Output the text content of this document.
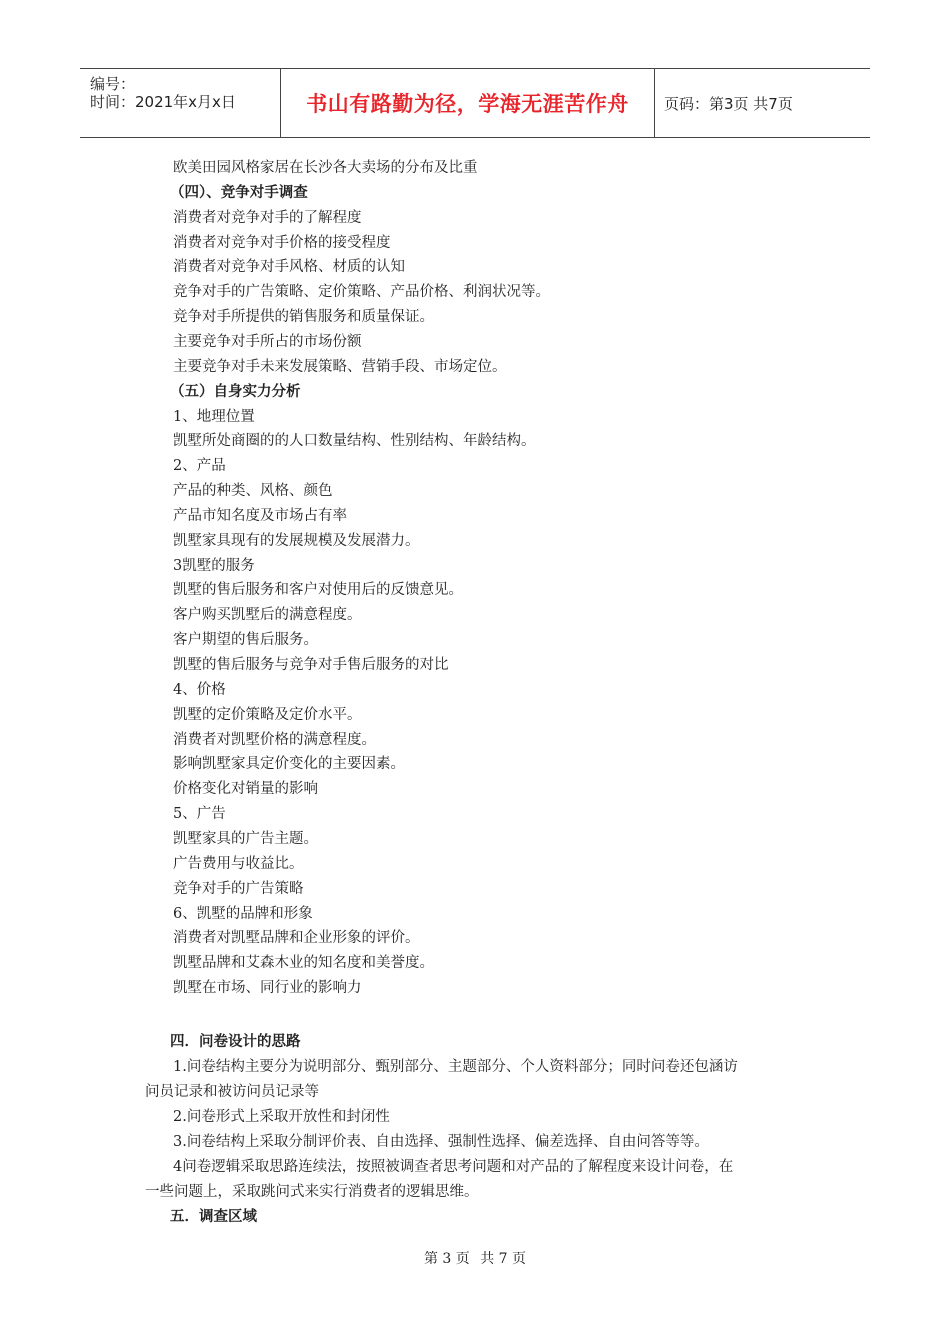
编号：
时间：2021年x月x日	书山有路勤为径，学海无涯苦作舟	页码：第3页 共7页
欧美田园风格家居在长沙各大卖场的分布及比重
（四）、竞争对手调查
消费者对竞争对手的了解程度
消费者对竞争对手价格的接受程度
消费者对竞争对手风格、材质的认知
竞争对手的广告策略、定价策略、产品价格、利润状况等。
竞争对手所提供的销售服务和质量保证。
主要竞争对手所占的市场份额
主要竞争对手未来发展策略、营销手段、市场定位。
（五）自身实力分析
1、地理位置
凯墅所处商圈的的人口数量结构、性别结构、年龄结构。
2、产品
产品的种类、风格、颜色
产品市知名度及市场占有率
凯墅家具现有的发展规模及发展潜力。
3凯墅的服务
凯墅的售后服务和客户对使用后的反馈意见。
客户购买凯墅后的满意程度。
客户期望的售后服务。
凯墅的售后服务与竞争对手售后服务的对比
4、价格
凯墅的定价策略及定价水平。
消费者对凯墅价格的满意程度。
影响凯墅家具定价变化的主要因素。
价格变化对销量的影响
5、广告
凯墅家具的广告主题。
广告费用与收益比。
竞争对手的广告策略
6、凯墅的品牌和形象
消费者对凯墅品牌和企业形象的评价。
凯墅品牌和艾森木业的知名度和美誉度。
凯墅在市场、同行业的影响力
四．问卷设计的思路
1.问卷结构主要分为说明部分、甄别部分、主题部分、个人资料部分；同时问卷还包涵访
问员记录和被访问员记录等
2.问卷形式上采取开放性和封闭性
3.问卷结构上采取分制评价表、自由选择、强制性选择、偏差选择、自由问答等等。
4问卷逻辑采取思路连续法，按照被调查者思考问题和对产品的了解程度来设计问卷，在
一些问题上，采取跳问式来实行消费者的逻辑思维。
五．调查区域
第 3 页 共 7 页
